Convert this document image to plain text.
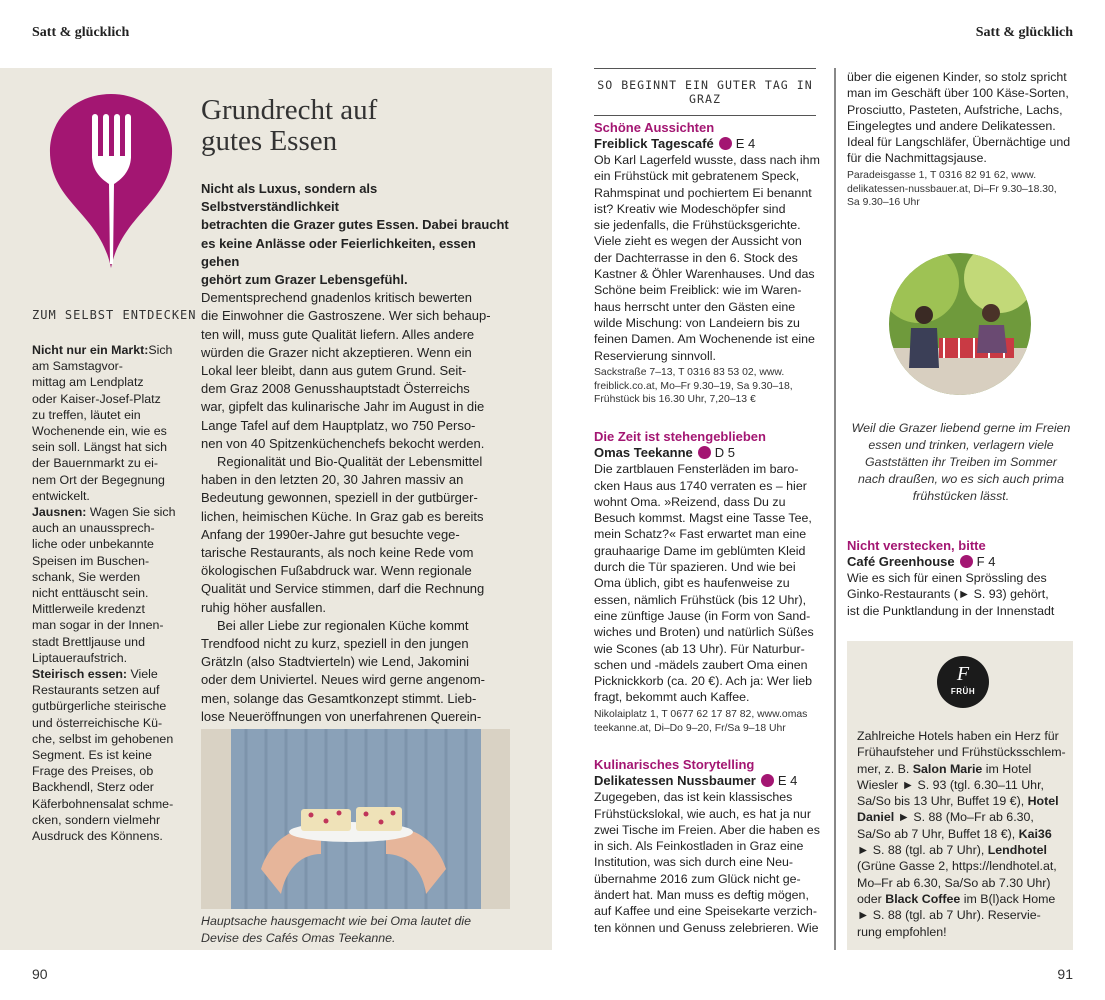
Satt & glücklich	Satt & glücklich
ZUM SELBST ENTDECKEN

Nicht nur ein Markt:Sich am Samstagvor-
mittag am Lendplatz
oder Kaiser-Josef-Platz
zu treffen, läutet ein
Wochenende ein, wie es
sein soll. Längst hat sich
der Bauernmarkt zu ei-
nem Ort der Begegnung
entwickelt.

Jausnen: Wagen Sie sich
auch an unaussprech-
liche oder unbekannte
Speisen im Buschen-
schank, Sie werden
nicht enttäuscht sein.
Mittlerweile kredenzt
man sogar in der Innen-
stadt Brettljause und
Liptaueraufstrich.

Steirisch essen: Viele
Restaurants setzen auf
gutbürgerliche steirische
und österreichische Kü-
che, selbst im gehobenen
Segment. Es ist keine
Frage des Preises, ob
Backhendl, Sterz oder
Käferbohnensalat schme-
cken, sondern vielmehr
Ausdruck des Könnens.

Grundrecht auf
gutes Essen
Nicht als Luxus, sondern als Selbstverständlichkeit
betrachten die Grazer gutes Essen. Dabei braucht
es keine Anlässe oder Feierlichkeiten, essen gehen
gehört zum Grazer Lebensgefühl.

Dementsprechend gnadenlos kritisch bewerten
die Einwohner die Gastroszene. Wer sich behaup-
ten will, muss gute Qualität liefern. Alles andere
würden die Grazer nicht akzeptieren. Wenn ein
Lokal leer bleibt, dann aus gutem Grund. Seit-
dem Graz 2008 Genusshauptstadt Österreichs
war, gipfelt das kulinarische Jahr im August in die
Lange Tafel auf dem Hauptplatz, wo 750 Perso-
nen von 40 Spitzenküchenchefs bekocht werden.

Regionalität und Bio-Qualität der Lebensmittel
haben in den letzten 20, 30 Jahren massiv an
Bedeutung gewonnen, speziell in der gutbürger-
lichen, heimischen Küche. In Graz gab es bereits
Anfang der 1990er-Jahre gut besuchte vege-
tarische Restaurants, als noch keine Rede vom
ökologischen Fußabdruck war. Wenn regionale
Qualität und Service stimmen, darf die Rechnung
ruhig höher ausfallen.

Bei aller Liebe zur regionalen Küche kommt
Trendfood nicht zu kurz, speziell in den jungen
Grätzln (also Stadtvierteln) wie Lend, Jakomini
oder dem Univiertel. Neues wird gerne angenom-
men, solange das Gesamtkonzept stimmt. Lieb-
lose Neueröffnungen von unerfahrenen Querein-

Hauptsache hausgemacht wie bei Oma lautet die
Devise des Cafés Omas Teekanne.
90
SO BEGINNT EIN GUTER TAG IN GRAZ
Schöne Aussichten
Freiblick Tagescafé E 4

Ob Karl Lagerfeld wusste, dass nach ihm
ein Frühstück mit gebratenem Speck,
Rahmspinat und pochiertem Ei benannt
ist? Kreativ wie Modeschöpfer sind
sie jedenfalls, die Frühstücksgerichte.
Viele zieht es wegen der Aussicht von
der Dachterrasse in den 6. Stock des
Kastner & Öhler Warenhauses. Und das
Schöne beim Freiblick: wie im Waren-
haus herrscht unter den Gästen eine
wilde Mischung: von Landeiern bis zu
feinen Damen. Am Wochenende ist eine
Reservierung sinnvoll.

Sackstraße 7–13, T 0316 83 53 02, www.
freiblick.co.at, Mo–Fr 9.30–19, Sa 9.30–18,
Frühstück bis 16.30 Uhr, 7,20–13 €

Die Zeit ist stehengeblieben
Omas Teekanne D 5

Die zartblauen Fensterläden im baro-
cken Haus aus 1740 verraten es – hier
wohnt Oma. »Reizend, dass Du zu
Besuch kommst. Magst eine Tasse Tee,
mein Schatz?« Fast erwartet man eine
grauhaarige Dame im geblümten Kleid
durch die Tür spazieren. Und wie bei
Oma üblich, gibt es haufenweise zu
essen, nämlich Frühstück (bis 12 Uhr),
eine zünftige Jause (in Form von Sand-
wiches und Broten) und natürlich Süßes
wie Scones (ab 13 Uhr). Für Naturbur-
schen und -mädels zaubert Oma einen
Picknickkorb (ca. 20 €). Ach ja: Wer lieb
fragt, bekommt auch Kaffee.

Nikolaiplatz 1, T 0677 62 17 87 82, www.omas
teekanne.at, Di–Do 9–20, Fr/Sa 9–18 Uhr

Kulinarisches Storytelling
Delikatessen Nussbaumer E 4

Zugegeben, das ist kein klassisches
Frühstückslokal, wie auch, es hat ja nur
zwei Tische im Freien. Aber die haben es
in sich. Als Feinkostladen in Graz eine
Institution, was sich durch eine Neu-
übernahme 2016 zum Glück nicht ge-
ändert hat. Man muss es deftig mögen,
auf Kaffee und eine Speisekarte verzich-
ten können und Genuss zelebrieren. Wie

über die eigenen Kinder, so stolz spricht
man im Geschäft über 100 Käse-Sorten,
Prosciutto, Pasteten, Aufstriche, Lachs,
Eingelegtes und andere Delikatessen.
Ideal für Langschläfer, Übernächtige und
für die Nachmittagsjause.

Paradeisgasse 1, T 0316 82 91 62, www.
delikatessen-nussbauer.at, Di–Fr 9.30–18.30,
Sa 9.30–16 Uhr

Weil die Grazer liebend gerne im Freien
essen und trinken, verlagern viele
Gaststätten ihr Treiben im Sommer
nach draußen, wo es sich auch prima
frühstücken lässt.
Nicht verstecken, bitte
Café Greenhouse F 4

Wie es sich für einen Sprössling des
Ginko-Restaurants (► S. 93) gehört,
ist die Punktlandung in der Innenstadt

F
FRÜH
Zahlreiche Hotels haben ein Herz für
Frühaufsteher und Frühstücksschlem-
mer, z. B. Salon Marie im Hotel
Wiesler ► S. 93 (tgl. 6.30–11 Uhr,
Sa/So bis 13 Uhr, Buffet 19 €), Hotel
Daniel ► S. 88 (Mo–Fr ab 6.30,
Sa/So ab 7 Uhr, Buffet 18 €), Kai36
► S. 88 (tgl. ab 7 Uhr), Lendhotel
(Grüne Gasse 2, https://lendhotel.at,
Mo–Fr ab 6.30, Sa/So ab 7.30 Uhr)
oder Black Coffee im B(l)ack Home
► S. 88 (tgl. ab 7 Uhr). Reservie-
rung empfohlen!
91
